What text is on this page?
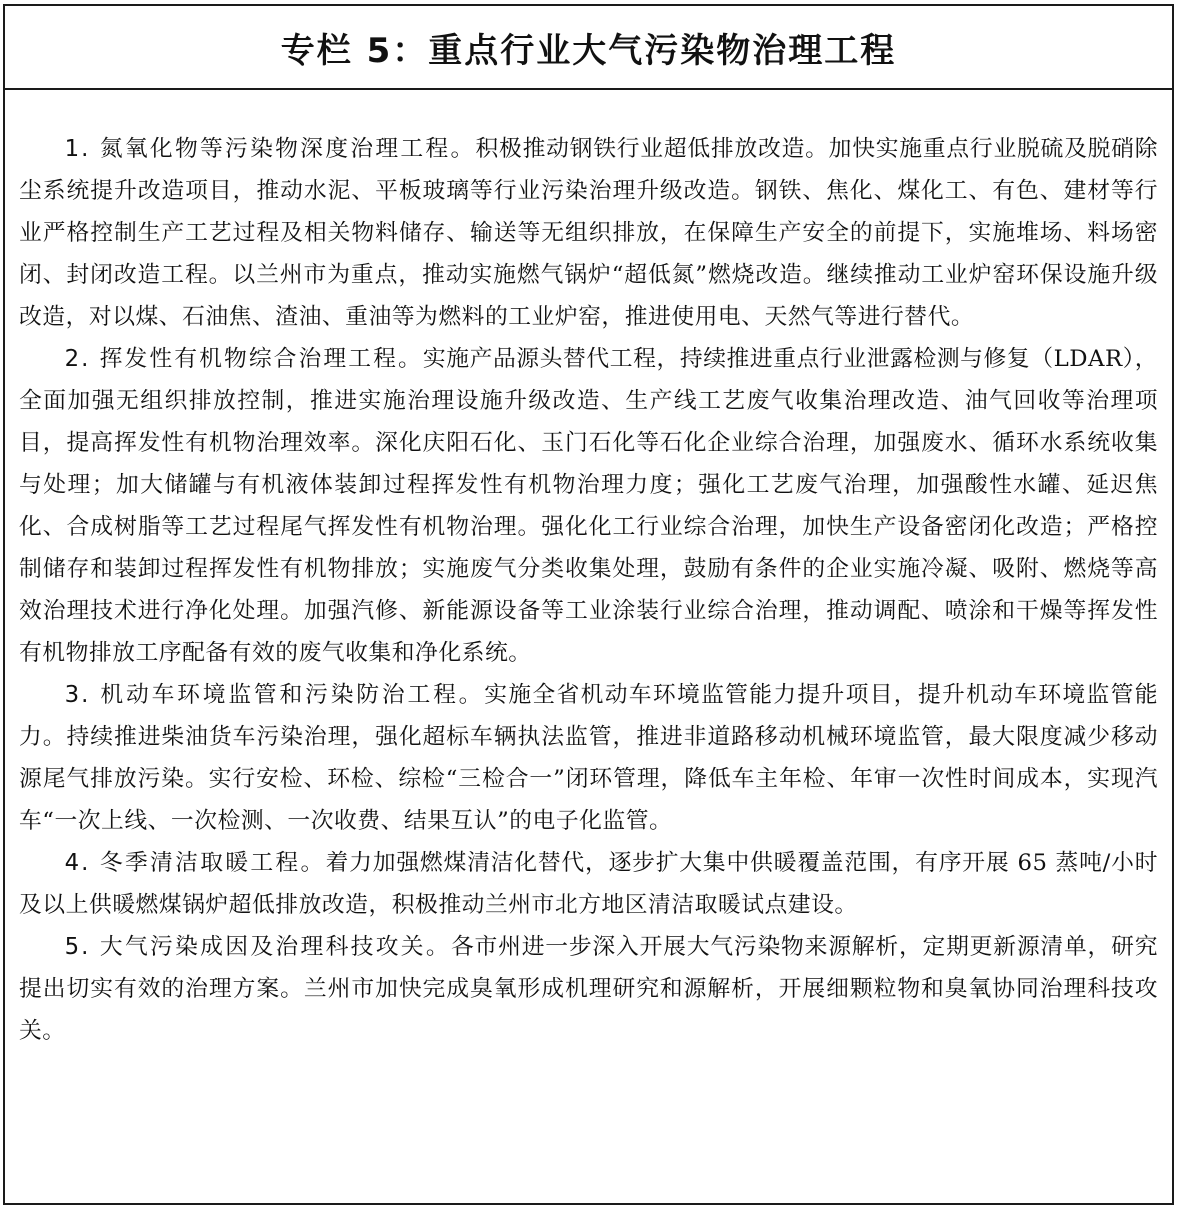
专栏 5：重点行业大气污染物治理工程

1. 氮氧化物等污染物深度治理工程。积极推动钢铁行业超低排放改造。加快实施重点行业脱硫及脱硝除尘系统提升改造项目，推动水泥、平板玻璃等行业污染治理升级改造。钢铁、焦化、煤化工、有色、建材等行业严格控制生产工艺过程及相关物料储存、输送等无组织排放，在保障生产安全的前提下，实施堆场、料场密闭、封闭改造工程。以兰州市为重点，推动实施燃气锅炉“超低氮”燃烧改造。继续推动工业炉窑环保设施升级改造，对以煤、石油焦、渣油、重油等为燃料的工业炉窑，推进使用电、天然气等进行替代。

2. 挥发性有机物综合治理工程。实施产品源头替代工程，持续推进重点行业泄露检测与修复（LDAR），全面加强无组织排放控制，推进实施治理设施升级改造、生产线工艺废气收集治理改造、油气回收等治理项目，提高挥发性有机物治理效率。深化庆阳石化、玉门石化等石化企业综合治理，加强废水、循环水系统收集与处理；加大储罐与有机液体装卸过程挥发性有机物治理力度；强化工艺废气治理，加强酸性水罐、延迟焦化、合成树脂等工艺过程尾气挥发性有机物治理。强化化工行业综合治理，加快生产设备密闭化改造；严格控制储存和装卸过程挥发性有机物排放；实施废气分类收集处理，鼓励有条件的企业实施冷凝、吸附、燃烧等高效治理技术进行净化处理。加强汽修、新能源设备等工业涂装行业综合治理，推动调配、喷涂和干燥等挥发性有机物排放工序配备有效的废气收集和净化系统。

3. 机动车环境监管和污染防治工程。实施全省机动车环境监管能力提升项目，提升机动车环境监管能力。持续推进柴油货车污染治理，强化超标车辆执法监管，推进非道路移动机械环境监管，最大限度减少移动源尾气排放污染。实行安检、环检、综检“三检合一”闭环管理，降低车主年检、年审一次性时间成本，实现汽车“一次上线、一次检测、一次收费、结果互认”的电子化监管。

4. 冬季清洁取暖工程。着力加强燃煤清洁化替代，逐步扩大集中供暖覆盖范围，有序开展 65 蒸吨/小时及以上供暖燃煤锅炉超低排放改造，积极推动兰州市北方地区清洁取暖试点建设。

5. 大气污染成因及治理科技攻关。各市州进一步深入开展大气污染物来源解析，定期更新源清单，研究提出切实有效的治理方案。兰州市加快完成臭氧形成机理研究和源解析，开展细颗粒物和臭氧协同治理科技攻关。
